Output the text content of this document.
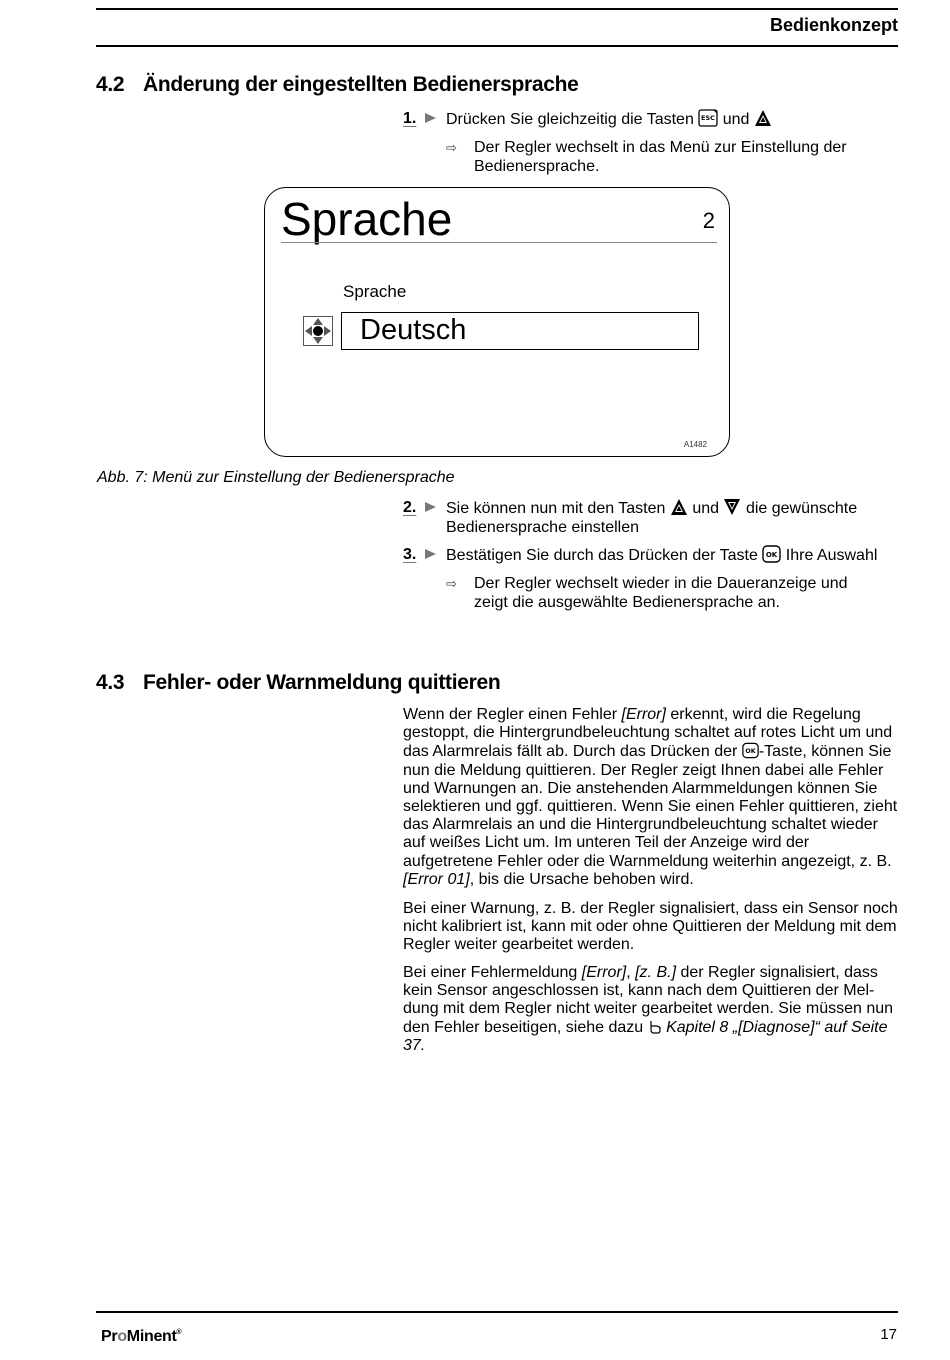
Bedienkonzept
4.2 Änderung der eingestellten Bedienersprache
1. Drücken Sie gleichzeitig die Tasten ESC und
⇨ Der Regler wechselt in das Menü zur Einstellung der Bedienersprache.
Sprache	2
Sprache
Deutsch
A1482
Abb. 7: Menü zur Einstellung der Bedienersprache
2. Sie können nun mit den Tasten und die gewünschte Bedienersprache einstellen
3. Bestätigen Sie durch das Drücken der Taste OK Ihre Auswahl
⇨ Der Regler wechselt wieder in die Daueranzeige und zeigt die ausgewählte Bedienersprache an.
4.3 Fehler- oder Warnmeldung quittieren
Wenn der Regler einen Fehler [Error] erkennt, wird die Regelung gestoppt, die Hintergrundbeleuchtung schaltet auf rotes Licht um und das Alarmrelais fällt ab. Durch das Drücken der OK -Taste, können Sie nun die Meldung quittieren. Der Regler zeigt Ihnen dabei alle Fehler und Warnungen an. Die anstehenden Alarmmeldungen können Sie selektieren und ggf. quittieren. Wenn Sie einen Fehler quittieren, zieht das Alarmrelais an und die Hintergrundbeleuchtung schaltet wieder auf weißes Licht um. Im unteren Teil der Anzeige wird der aufgetretene Fehler oder die Warnmeldung weiterhin angezeigt, z. B. [Error 01], bis die Ursache behoben wird.
Bei einer Warnung, z. B. der Regler signalisiert, dass ein Sensor noch nicht kalibriert ist, kann mit oder ohne Quittieren der Meldung mit dem Regler weiter gearbeitet werden.
Bei einer Fehlermeldung [Error], [z. B.] der Regler signalisiert, dass kein Sensor angeschlossen ist, kann nach dem Quittieren der Meldung mit dem Regler nicht weiter gearbeitet werden. Sie müssen nun den Fehler beseitigen, siehe dazu  Kapitel 8 „[Diagnose]“ auf Seite 37.
ProMinent®	17
